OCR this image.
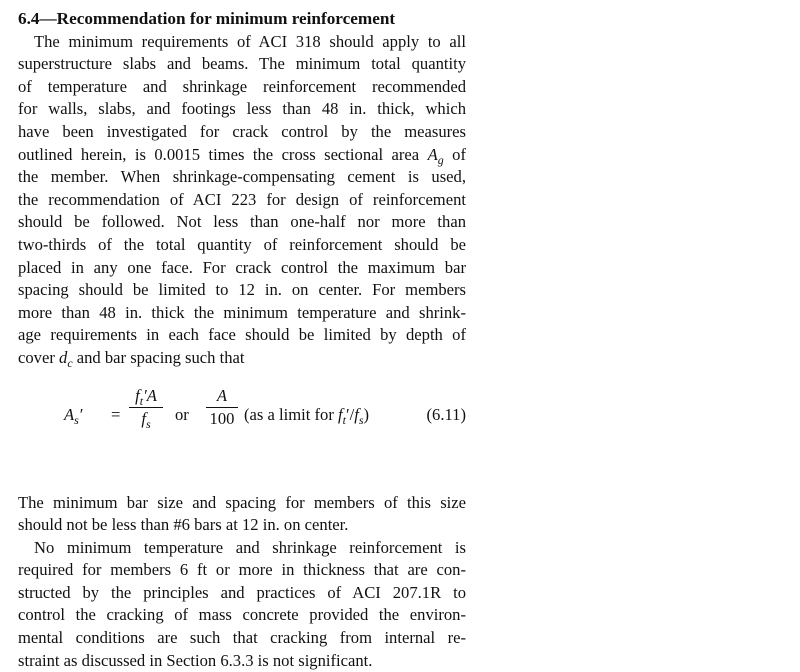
6.4—Recommendation for minimum reinforcement
The minimum requirements of ACI 318 should apply to all
superstructure slabs and beams. The minimum total quantity
of temperature and shrinkage reinforcement recommended
for walls, slabs, and footings less than 48 in. thick, which
have been investigated for crack control by the measures
outlined herein, is 0.0015 times the cross sectional area $A_g$ of
the member. When shrinkage-compensating cement is used,
the recommendation of ACI 223 for design of reinforcement
should be followed. Not less than one-half nor more than
two-thirds of the total quantity of reinforcement should be
placed in any one face. For crack control the maximum bar
spacing should be limited to 12 in. on center. For members
more than 48 in. thick the minimum temperature and shrink-
age requirements in each face should be limited by depth of
cover $d_c$ and bar spacing such that
$A_s'$ =
$f_t'A$
$f_s$
or
A
100 (as a limit for $f_t'/f_s$)	(6.11)
The minimum bar size and spacing for members of this size
should not be less than #6 bars at 12 in. on center.
No minimum temperature and shrinkage reinforcement is
required for members 6 ft or more in thickness that are con-
structed by the principles and practices of ACI 207.1R to
control the cracking of mass concrete provided the environ-
mental conditions are such that cracking from internal re-
straint as discussed in Section 6.3.3 is not significant.
